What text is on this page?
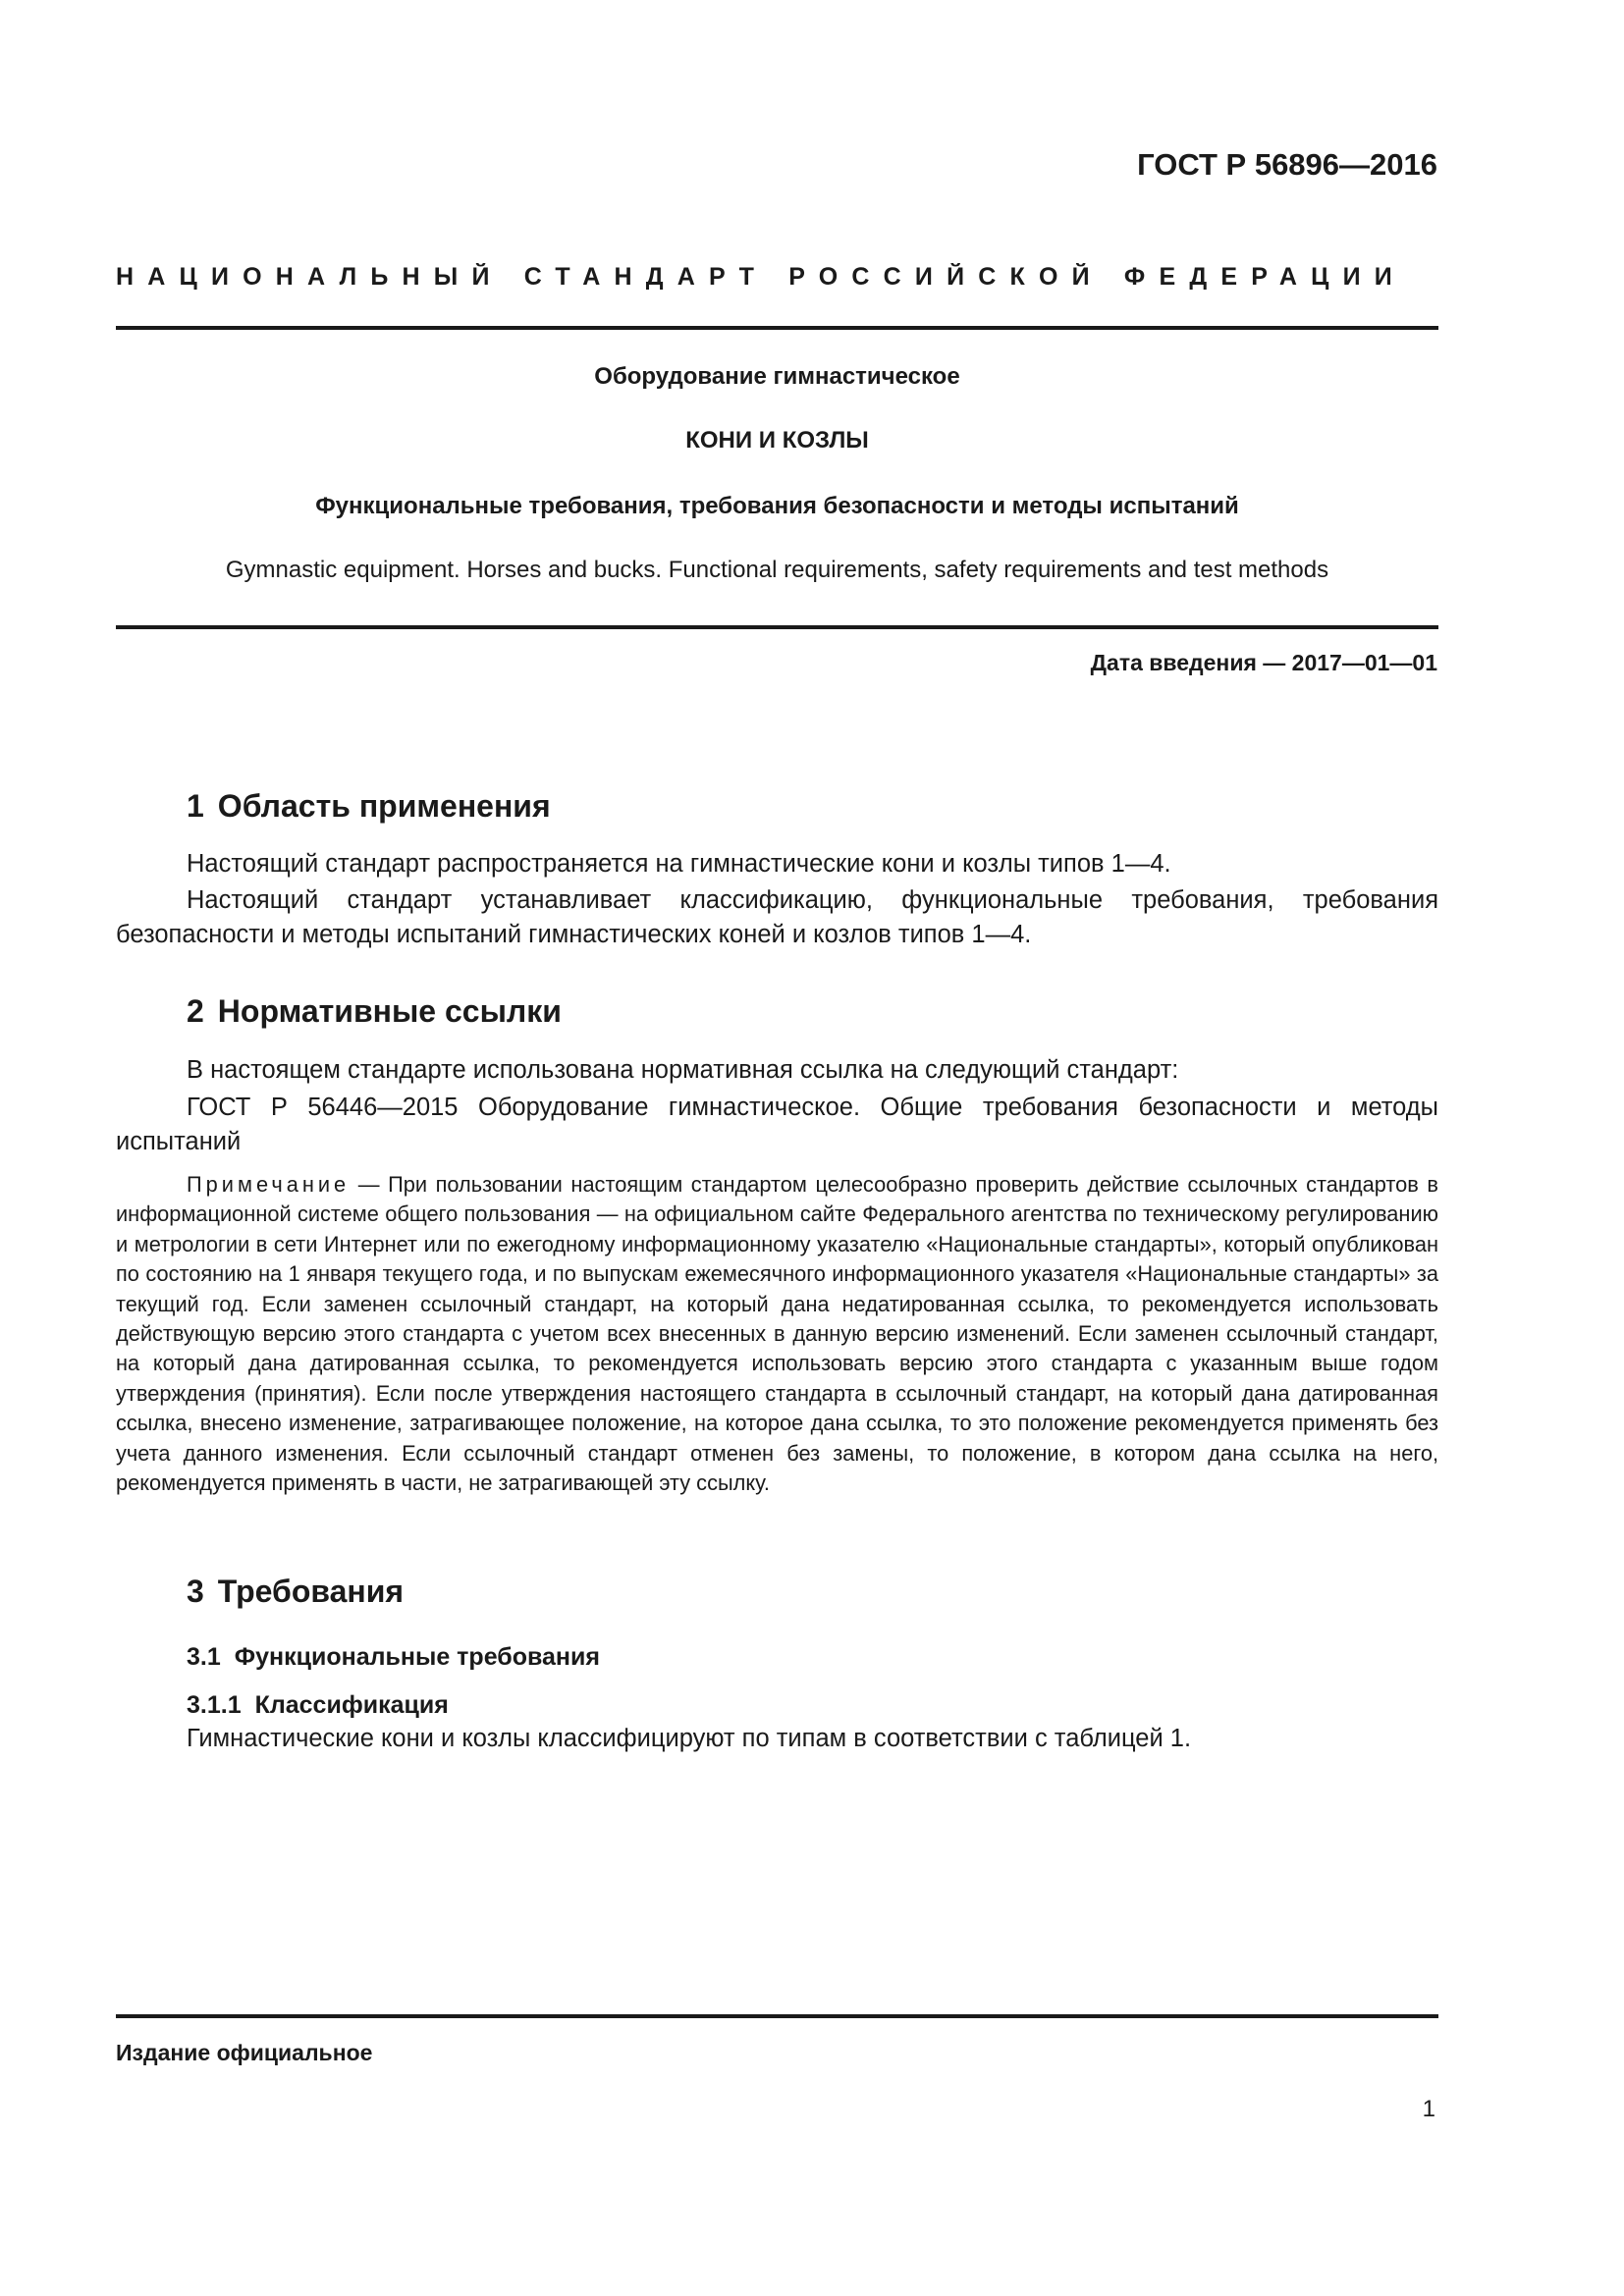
ГОСТ Р 56896—2016
НАЦИОНАЛЬНЫЙ СТАНДАРТ РОССИЙСКОЙ ФЕДЕРАЦИИ
Оборудование гимнастическое
КОНИ И КОЗЛЫ
Функциональные требования, требования безопасности и методы испытаний
Gymnastic equipment. Horses and bucks. Functional requirements, safety requirements and test methods
Дата введения — 2017—01—01
1 Область применения

Настоящий стандарт распространяется на гимнастические кони и козлы типов 1—4.

Настоящий стандарт устанавливает классификацию, функциональные требования, требования безопасности и методы испытаний гимнастических коней и козлов типов 1—4.

2 Нормативные ссылки

В настоящем стандарте использована нормативная ссылка на следующий стандарт:

ГОСТ Р 56446—2015 Оборудование гимнастическое. Общие требования безопасности и методы испытаний

Примечание — При пользовании настоящим стандартом целесообразно проверить действие ссылочных стандартов в информационной системе общего пользования — на официальном сайте Федерального агентства по техническому регулированию и метрологии в сети Интернет или по ежегодному информационному указателю «Национальные стандарты», который опубликован по состоянию на 1 января текущего года, и по выпускам ежемесячного информационного указателя «Национальные стандарты» за текущий год. Если заменен ссылочный стандарт, на который дана недатированная ссылка, то рекомендуется использовать действующую версию этого стандарта с учетом всех внесенных в данную версию изменений. Если заменен ссылочный стандарт, на который дана датированная ссылка, то рекомендуется использовать версию этого стандарта с указанным выше годом утверждения (принятия). Если после утверждения настоящего стандарта в ссылочный стандарт, на который дана датированная ссылка, внесено изменение, затрагивающее положение, на которое дана ссылка, то это положение рекомендуется применять без учета данного изменения. Если ссылочный стандарт отменен без замены, то положение, в котором дана ссылка на него, рекомендуется применять в части, не затрагивающей эту ссылку.

3 Требования
3.1 Функциональные требования
3.1.1 Классификация

Гимнастические кони и козлы классифицируют по типам в соответствии с таблицей 1.

Издание официальное
1
